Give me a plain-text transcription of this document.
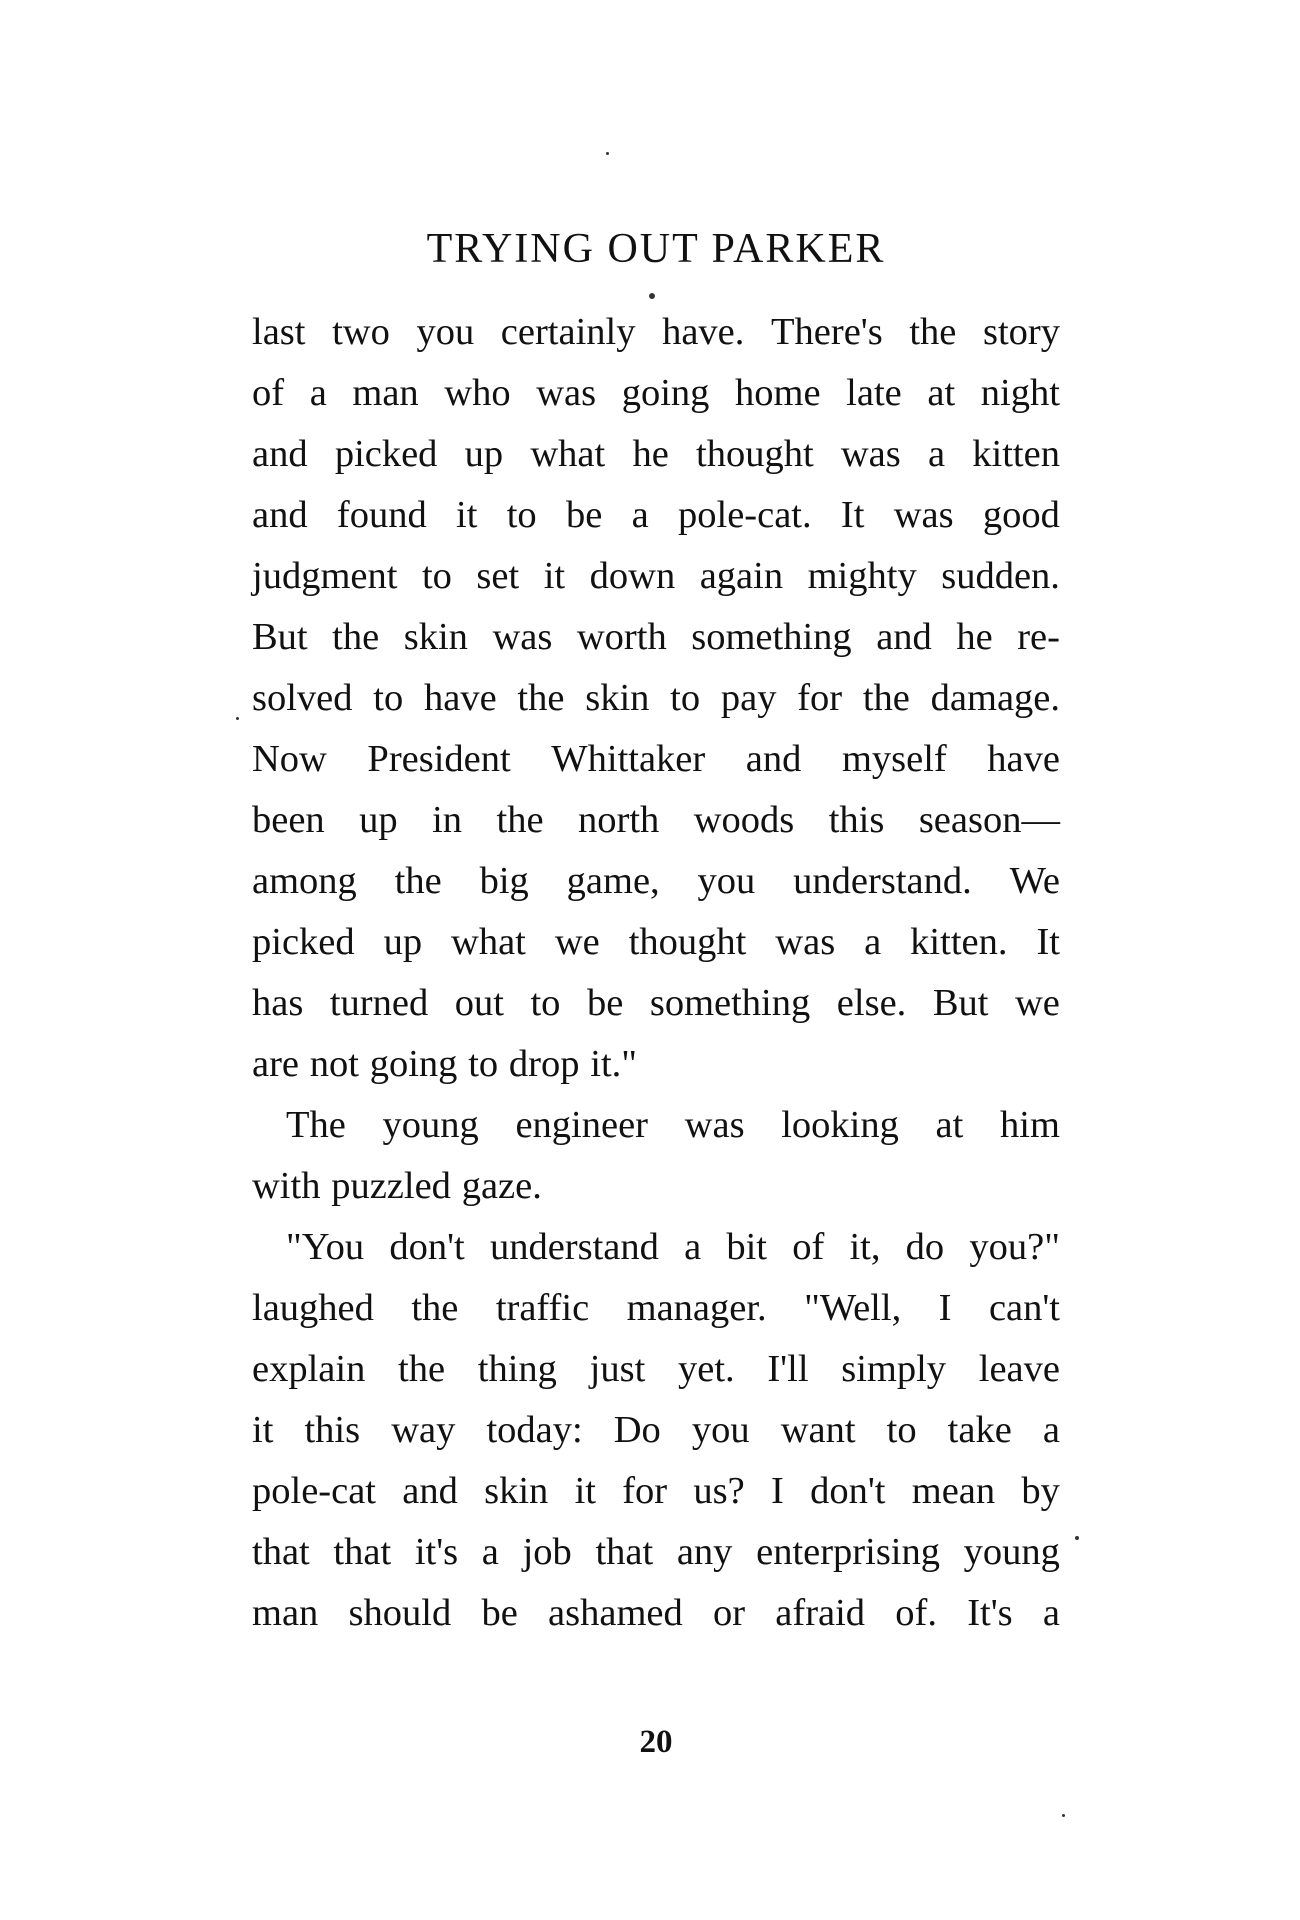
TRYING OUT PARKER
last two you certainly have. There's the story
of a man who was going home late at night
and picked up what he thought was a kitten
and found it to be a pole-cat. It was good
judgment to set it down again mighty sudden.
But the skin was worth something and he re-
solved to have the skin to pay for the damage.
Now President Whittaker and myself have
been up in the north woods this season—
among the big game, you understand. We
picked up what we thought was a kitten. It
has turned out to be something else. But we
are not going to drop it."
The young engineer was looking at him
with puzzled gaze.
"You don't understand a bit of it, do you?"
laughed the traffic manager. "Well, I can't
explain the thing just yet. I'll simply leave
it this way today: Do you want to take a
pole-cat and skin it for us? I don't mean by
that that it's a job that any enterprising young
man should be ashamed or afraid of. It's a
20
